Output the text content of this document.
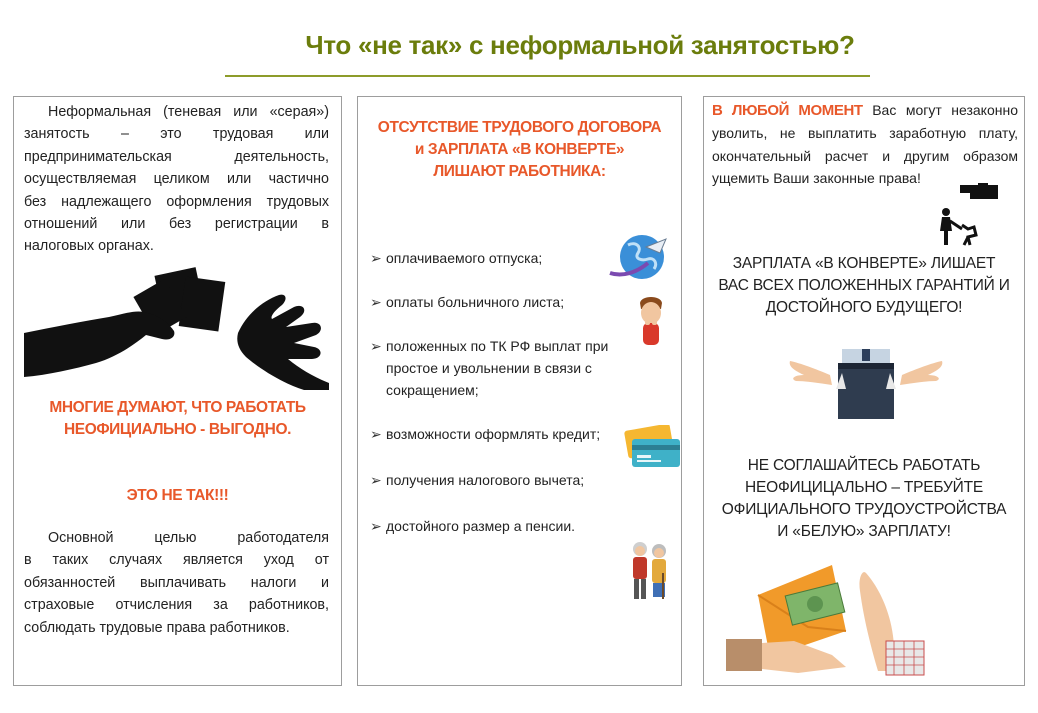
Что «не так» с неформальной занятостью?
Неформальная (теневая или «серая»)
занятость – это трудовая или
предпринимательская деятельность,
осуществляемая целиком или частично
без надлежащего оформления трудовых
отношений или без регистрации в
налоговых органах.
МНОГИЕ ДУМАЮТ, ЧТО РАБОТАТЬ
НЕОФИЦИАЛЬНО - ВЫГОДНО.
ЭТО НЕ ТАК!!!
Основной целью работодателя
в таких случаях является уход от
обязанностей выплачивать налоги и
страховые отчисления за работников,
соблюдать трудовые права работников.
ОТСУТСТВИЕ ТРУДОВОГО ДОГОВОРА
и ЗАРПЛАТА «В КОНВЕРТЕ»
ЛИШАЮТ РАБОТНИКА:
➢ оплачиваемого отпуска;
➢ оплаты больничного листа;
➢ положенных по ТК РФ выплат при
простое и увольнении в связи с
сокращением;
➢ возможности оформлять кредит;
➢ получения налогового вычета;
➢ достойного размер а пенсии.
В ЛЮБОЙ МОМЕНТ Вас могут незаконно
уволить, не выплатить заработную плату,
окончательный расчет и другим образом
ущемить Ваши законные права!
ЗАРПЛАТА «В КОНВЕРТЕ» ЛИШАЕТ
ВАС ВСЕХ ПОЛОЖЕННЫХ ГАРАНТИЙ И
ДОСТОЙНОГО БУДУЩЕГО!
НЕ СОГЛАШАЙТЕСЬ РАБОТАТЬ
НЕОФИЦИЦАЛЬНО – ТРЕБУЙТЕ
ОФИЦИАЛЬНОГО ТРУДОУСТРОЙСТВА
И «БЕЛУЮ» ЗАРПЛАТУ!
